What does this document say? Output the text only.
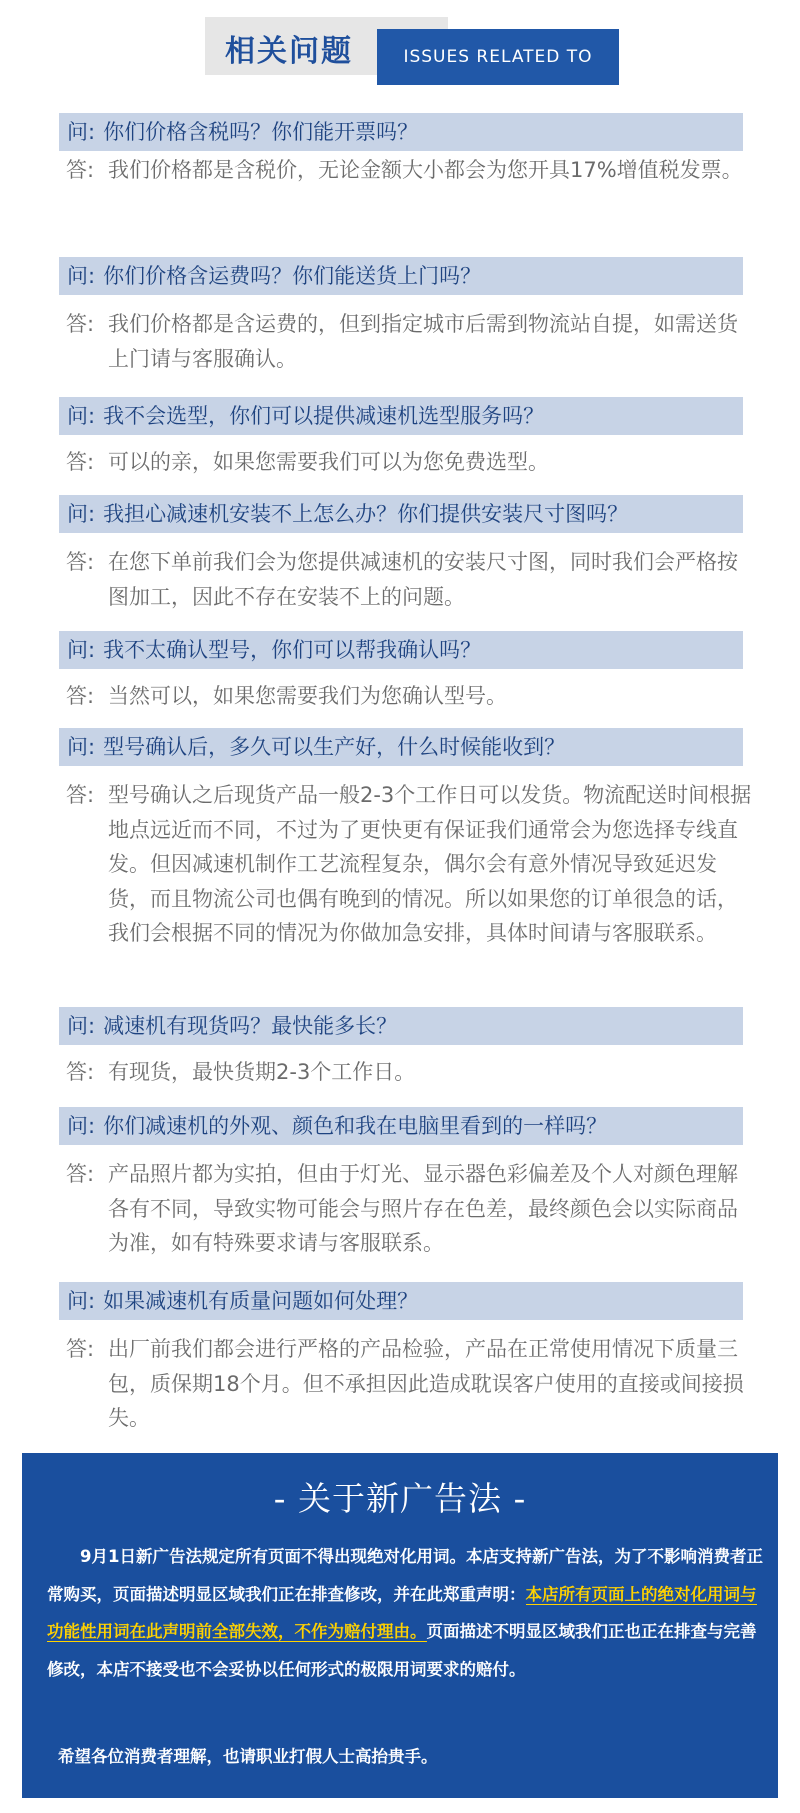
相关问题	ISSUES RELATED TO
问: 你们价格含税吗？你们能开票吗？
答: 我们价格都是含税价，无论金额大小都会为您开具17%增值税发票。
问: 你们价格含运费吗？你们能送货上门吗？
答: 我们价格都是含运费的，但到指定城市后需到物流站自提，如需送货上门请与客服确认。
问: 我不会选型，你们可以提供减速机选型服务吗？
答: 可以的亲，如果您需要我们可以为您免费选型。
问: 我担心减速机安装不上怎么办？你们提供安装尺寸图吗？
答: 在您下单前我们会为您提供减速机的安装尺寸图，同时我们会严格按图加工，因此不存在安装不上的问题。
问: 我不太确认型号，你们可以帮我确认吗？
答: 当然可以，如果您需要我们为您确认型号。
问: 型号确认后，多久可以生产好，什么时候能收到？
答: 型号确认之后现货产品一般2-3个工作日可以发货。物流配送时间根据地点远近而不同，不过为了更快更有保证我们通常会为您选择专线直发。但因减速机制作工艺流程复杂，偶尔会有意外情况导致延迟发货，而且物流公司也偶有晚到的情况。所以如果您的订单很急的话，我们会根据不同的情况为你做加急安排，具体时间请与客服联系。
问: 减速机有现货吗？最快能多长？
答: 有现货，最快货期2-3个工作日。
问: 你们减速机的外观、颜色和我在电脑里看到的一样吗？
答: 产品照片都为实拍，但由于灯光、显示器色彩偏差及个人对颜色理解各有不同，导致实物可能会与照片存在色差，最终颜色会以实际商品为准，如有特殊要求请与客服联系。
问: 如果减速机有质量问题如何处理？
答: 出厂前我们都会进行严格的产品检验，产品在正常使用情况下质量三包，质保期18个月。但不承担因此造成耽误客户使用的直接或间接损失。
- 关于新广告法 -
9月1日新广告法规定所有页面不得出现绝对化用词。本店支持新广告法，为了不影响消费者正常购买，页面描述明显区域我们正在排查修改，并在此郑重声明：本店所有页面上的绝对化用词与功能性用词在此声明前全部失效，不作为赔付理由。页面描述不明显区域我们正也正在排查与完善修改，本店不接受也不会妥协以任何形式的极限用词要求的赔付。
希望各位消费者理解，也请职业打假人士高抬贵手。
